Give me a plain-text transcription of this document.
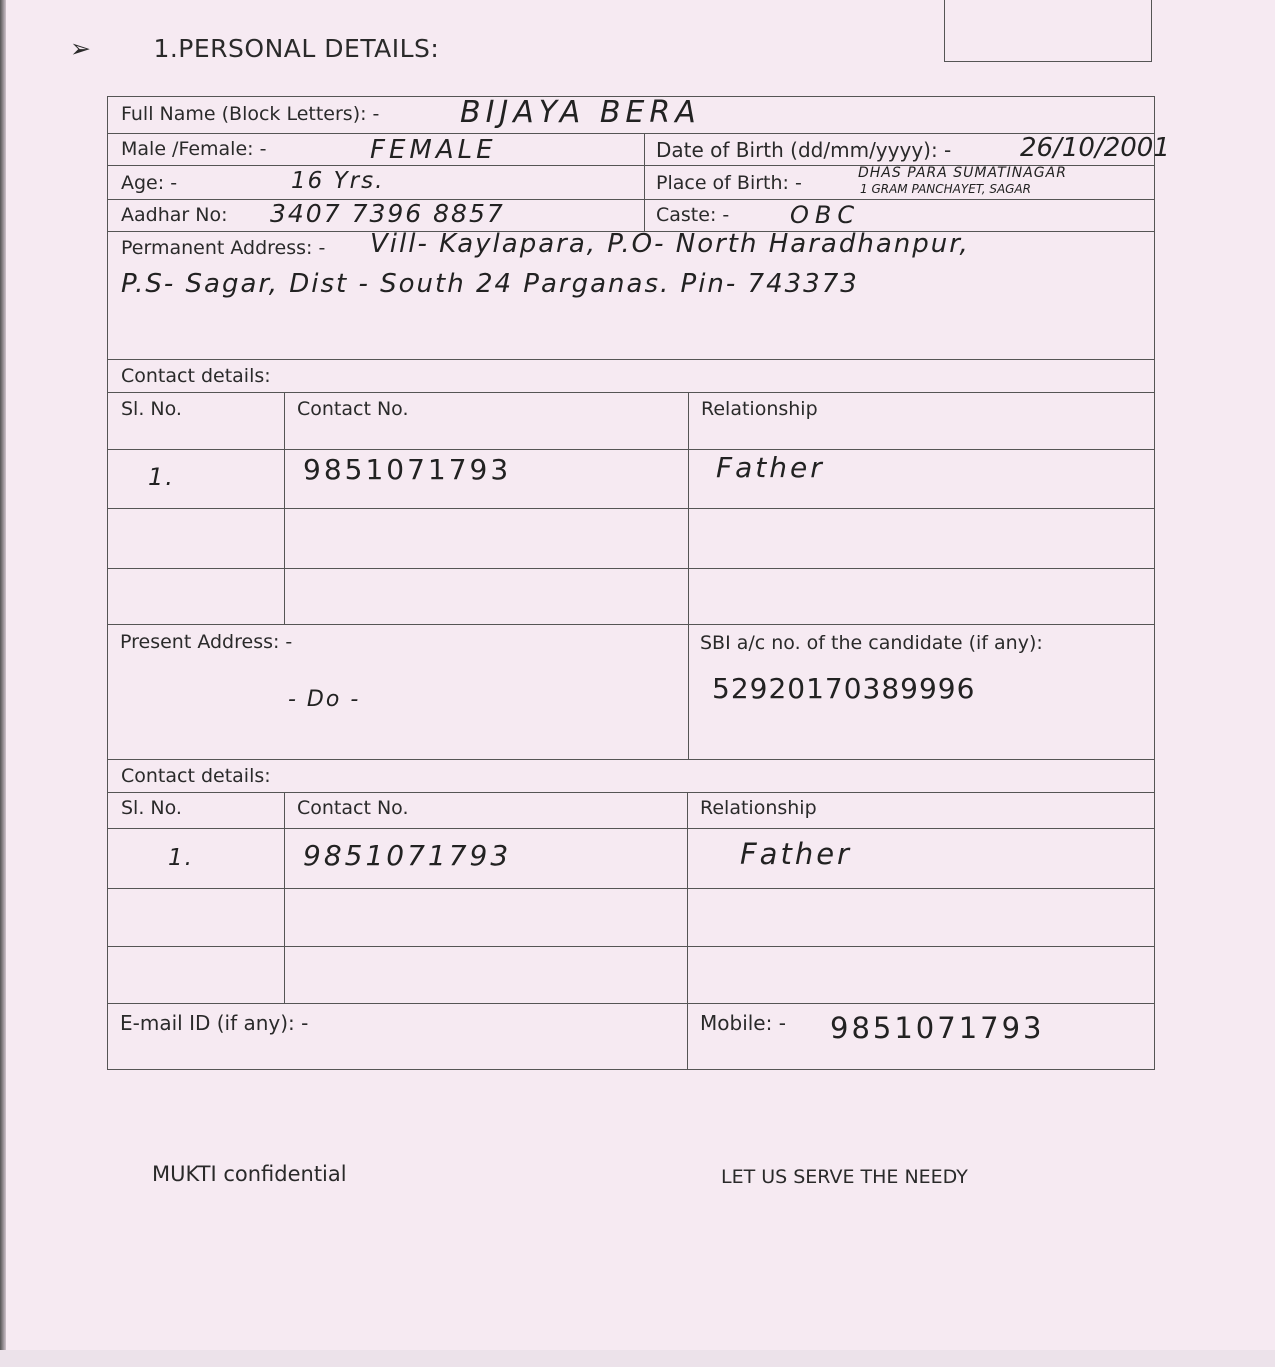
➢ 1.PERSONAL DETAILS:
Full Name (Block Letters): -	BIJAYA BERA
Male /Female: -	FEMALE	Date of Birth (dd/mm/yyyy): -	26/10/2001
Age: -	16 Yrs.	Place of Birth: -	DHAS PARA SUMATINAGAR
1 GRAM PANCHAYET, SAGAR
Aadhar No: 3407 7396 8857	Caste: -	OBC
Permanent Address: - Vill- Kaylapara, P.O- North Haradhanpur,
P.S- Sagar, Dist - South 24 Parganas. Pin- 743373
Contact details:
Sl. No.	Contact No.	Relationship
1.	9851071793	Father
Present Address: -
- Do -
SBI a/c no. of the candidate (if any):
52920170389996
Contact details:
Sl. No.	Contact No.	Relationship
1.	9851071793	Father
E-mail ID (if any): -	Mobile: - 9851071793
MUKTI confidential	LET US SERVE THE NEEDY
